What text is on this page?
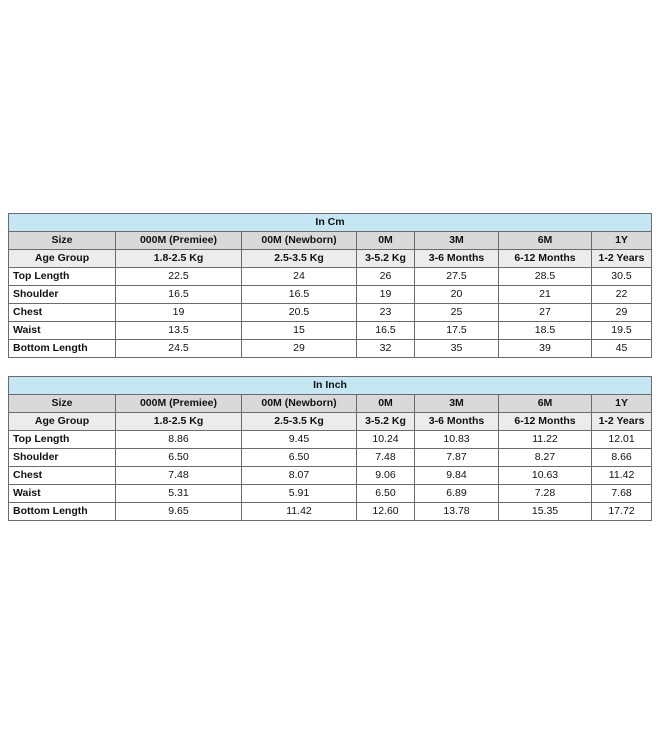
In Cm						
Size	000M (Premiee)	00M (Newborn)	0M	3M	6M	1Y
Age Group	1.8-2.5 Kg	2.5-3.5 Kg	3-5.2 Kg	3-6 Months	6-12 Months	1-2 Years
Top Length	22.5	24	26	27.5	28.5	30.5
Shoulder	16.5	16.5	19	20	21	22
Chest	19	20.5	23	25	27	29
Waist	13.5	15	16.5	17.5	18.5	19.5
Bottom Length	24.5	29	32	35	39	45
In Inch						
Size	000M (Premiee)	00M (Newborn)	0M	3M	6M	1Y
Age Group	1.8-2.5 Kg	2.5-3.5 Kg	3-5.2 Kg	3-6 Months	6-12 Months	1-2 Years
Top Length	8.86	9.45	10.24	10.83	11.22	12.01
Shoulder	6.50	6.50	7.48	7.87	8.27	8.66
Chest	7.48	8.07	9.06	9.84	10.63	11.42
Waist	5.31	5.91	6.50	6.89	7.28	7.68
Bottom Length	9.65	11.42	12.60	13.78	15.35	17.72
